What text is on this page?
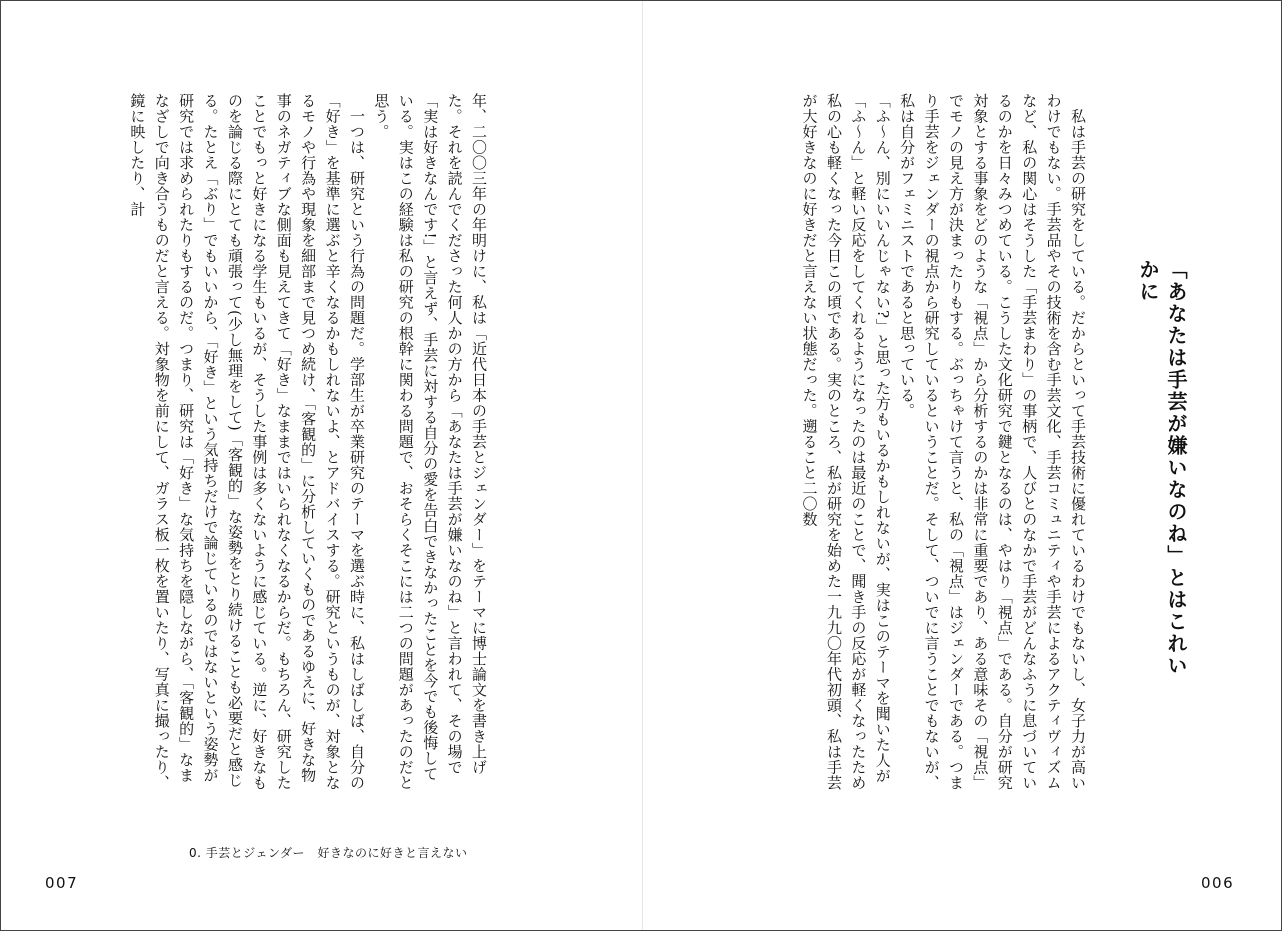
「あなたは手芸が嫌いなのね」とはこれいかに

　私は手芸の研究をしている。だからといって手芸技術に優れているわけでもないし、女子力が高いわけでもない。手芸品やその技術を含む手芸文化、手芸コミュニティや手芸によるアクティヴィズムなど、私の関心はそうした「手芸まわり」の事柄で、人びとのなかで手芸がどんなふうに息づいているのかを日々みつめている。こうした文化研究で鍵となるのは、やはり「視点」である。自分が研究対象とする事象をどのような「視点」から分析するのかは非常に重要であり、ある意味その「視点」でモノの見え方が決まったりもする。ぶっちゃけて言うと、私の「視点」はジェンダーである。つまり手芸をジェンダーの視点から研究しているということだ。そして、ついでに言うことでもないが、私は自分がフェミニストであると思っている。
「ふ〜ん、別にいいんじゃない?」と思った方もいるかもしれないが、実はこのテーマを聞いた人が「ふ〜ん」と軽い反応をしてくれるようになったのは最近のことで、聞き手の反応が軽くなったため私の心も軽くなった今日この頃である。実のところ、私が研究を始めた一九九〇年代初頭、私は手芸が大好きなのに好きだと言えない状態だった。遡ること二〇数

006

年、二〇〇三年の年明けに、私は「近代日本の手芸とジェンダー」をテーマに博士論文を書き上げた。それを読んでくださった何人かの方から「あなたは手芸が嫌いなのね」と言われて、その場で「実は好きなんです!」と言えず、手芸に対する自分の愛を告白できなかったことを今でも後悔している。実はこの経験は私の研究の根幹に関わる問題で、おそらくそこには二つの問題があったのだと思う。
　一つは、研究という行為の問題だ。学部生が卒業研究のテーマを選ぶ時に、私はしばしば、自分の「好き」を基準に選ぶと辛くなるかもしれないよ、とアドバイスする。研究というものが、対象となるモノや行為や現象を細部まで見つめ続け、「客観的」に分析していくものであるゆえに、好きな物事のネガティブな側面も見えてきて「好き」なままではいられなくなるからだ。もちろん、研究したことでもっと好きになる学生もいるが、そうした事例は多くないように感じている。逆に、好きなものを論じる際にとても頑張って(少し無理をして)「客観的」な姿勢をとり続けることも必要だと感じる。たとえ「ぶり」でもいいから、「好き」という気持ちだけで論じているのではないという姿勢が研究では求められたりもするのだ。つまり、研究は「好き」な気持ちを隠しながら、「客観的」なまなざしで向き合うものだと言える。対象物を前にして、ガラス板一枚を置いたり、写真に撮ったり、鏡に映したり、計

0. 手芸とジェンダー　好きなのに好きと言えない
007
